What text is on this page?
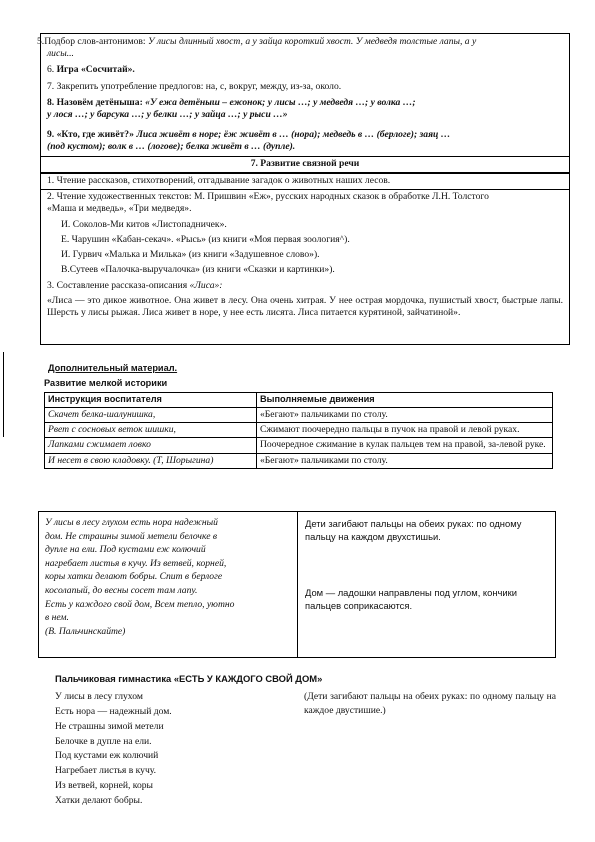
5.Подбор слов-антонимов: У лисы длинный хвост, а у зайца короткий хвост. У медведя толстые лапы, а у
лисы...
6. Игра «Сосчитай».
7. Закрепить употребление предлогов: на, с, вокруг, между, из-за, около.
8. Назовём детёнышa: «У ежа детёныш – ежонок; у лисы …; у медведя …; у волка …;
у лося …; у барсука …; у белки …; у зайца …; у рыси …»
9. «Кто, где живёт?» Лиса живёт в норе; ёж живёт в … (нора); медведь в … (берлоге); заяц …
(под кустом); волк в … (логове); белка живёт в … (дупле).
7. Развитие связной речи
1. Чтение рассказов, стихотворений, отгадывание загадок о животных наших лесов.
2. Чтение художественных текстов: М. Пришвин «Еж», русских народных сказок в обработке Л.Н. Толстого
«Маша и медведь», «Три медведя».
И. Соколов-Ми китов «Листопадничек».
Е. Чарушин «Кабан-секач». «Рысь» (из книги «Моя первая зоология^).
И. Гурвич «Малька и Милька» (из книги «Задушевное слово»).
В.Сутеев «Палочка-выручалочка» (из книги «Сказки и картинки»).
3. Составление рассказа-описания «Лиса»:
«Лиса — это дикое животное. Она живет в лесу. Она очень хитрая. У нее острая мордочка, пушистый хвост, быстрые лапы. Шерсть у лисы рыжая. Лиса живет в норе, у нее есть лисята. Лиса питается курятиной, зайчатиной».
Дополнительный материал.
Развитие мелкой историки
Инструкция воспитателя	Выполняемые движения
Скачет белка-шалунишка,	«Бегают» пальчиками по столу.
Рвет с сосновых веток шишки,	Сжимают поочередно пальцы в пучок на правой и левой руках.
Лапками сжимает ловко	Поочередное сжимание в кулак пальцев тем на правой, за-левой руке.
И несет в свою кладовку. (Т, Шорыгина)	«Бегают» пальчиками по столу.
У лисы в лесу глухом есть нора надежный
дом. Не страшны зимой метели белочке в
дупле на ели. Под кустами еж колючий
нагребает листья в кучу. Из ветвей, корней,
коры хатки делают бобры. Спит в берлоге
косолапый, до весны сосет там лапу.
Есть у каждого свой дом, Всем тепло, уютно
в нем.
(В. Пальчинскайте)
Дети загибают пальцы на обеих руках: по одному пальцу на каждом двухстишьи.
Дом — ладошки направлены под углом, кончики пальцев соприкасаются.
Пальчиковая гимнастика «ЕСТЬ У КАЖДОГО СВОЙ ДОМ»
У лисы в лесу глухом
Есть нора — надежный дом.
Не страшны зимой метели
Белочке в дупле на ели.
Под кустами еж колючий
Нагребает листья в кучу.
Из ветвей, корней, коры
Хатки делают бобры.
(Дети загибают пальцы на обеих руках: по одному пальцу на каждое двустишие.)
